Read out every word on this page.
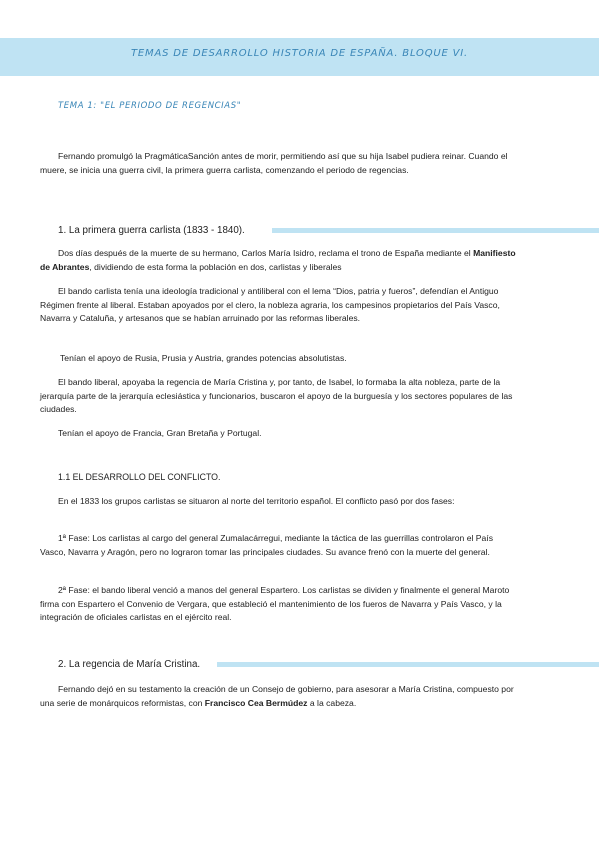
TEMAS DE DESARROLLO HISTORIA DE ESPAÑA. BLOQUE VI.
TEMA 1: "EL PERIODO DE REGENCIAS"

Fernando promulgó la PragmáticaSanción antes de morir, permitiendo así que su hija Isabel pudiera reinar. Cuando el muere, se inicia una guerra civil, la primera guerra carlista, comenzando el periodo de regencias.

1. La primera guerra carlista (1833 - 1840).

Dos días después de la muerte de su hermano, Carlos María Isidro, reclama el trono de España mediante el Manifiesto de Abrantes, dividiendo de esta forma la población en dos, carlistas y liberales

El bando carlista tenía una ideología tradicional y antiliberal con el lema “Dios, patria y fueros”, defendían el Antiguo Régimen frente al liberal. Estaban apoyados por el clero, la nobleza agraria, los campesinos propietarios del País Vasco, Navarra y Cataluña, y artesanos que se habían arruinado por las reformas liberales.

Tenían el apoyo de Rusia, Prusia y Austria, grandes potencias absolutistas.

El bando liberal, apoyaba la regencia de María Cristina y, por tanto, de Isabel, lo formaba la alta nobleza, parte de la jerarquía parte de la jerarquía eclesiástica y funcionarios, buscaron el apoyo de la burguesía y los sectores populares de las ciudades.

Tenían el apoyo de Francia, Gran Bretaña y Portugal.

1.1 EL DESARROLLO DEL CONFLICTO.

En el 1833 los grupos carlistas se situaron al norte del territorio español. El conflicto pasó por dos fases:

1ª Fase: Los carlistas al cargo del general Zumalacárregui, mediante la táctica de las guerrillas controlaron el País Vasco, Navarra y Aragón, pero no lograron tomar las principales ciudades. Su avance frenó con la muerte del general.

2ª Fase: el bando liberal venció a manos del general Espartero. Los carlistas se dividen y finalmente el general Maroto firma con Espartero el Convenio de Vergara, que estableció el mantenimiento de los fueros de Navarra y País Vasco, y la integración de oficiales carlistas en el ejército real.

2. La regencia de María Cristina.

Fernando dejó en su testamento la creación de un Consejo de gobierno, para asesorar a María Cristina, compuesto por una serie de monárquicos reformistas, con Francisco Cea Bermúdez a la cabeza.
